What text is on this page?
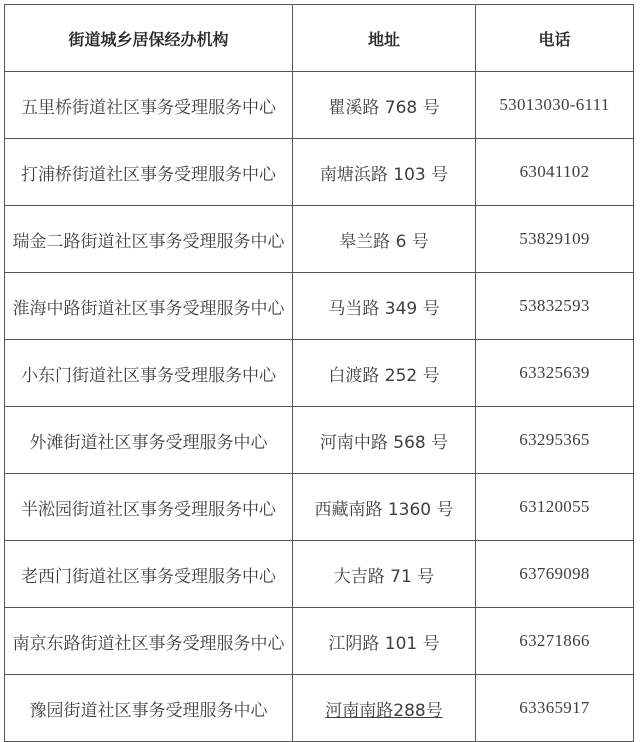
街道城乡居保经办机构	地址	电话
五里桥街道社区事务受理服务中心	瞿溪路 768 号	53013030-6111
打浦桥街道社区事务受理服务中心	南塘浜路 103 号	63041102
瑞金二路街道社区事务受理服务中心	皋兰路 6 号	53829109
淮海中路街道社区事务受理服务中心	马当路 349 号	53832593
小东门街道社区事务受理服务中心	白渡路 252 号	63325639
外滩街道社区事务受理服务中心	河南中路 568 号	63295365
半淞园街道社区事务受理服务中心	西藏南路 1360 号	63120055
老西门街道社区事务受理服务中心	大吉路 71 号	63769098
南京东路街道社区事务受理服务中心	江阴路 101 号	63271866
豫园街道社区事务受理服务中心	河南南路288号	63365917
